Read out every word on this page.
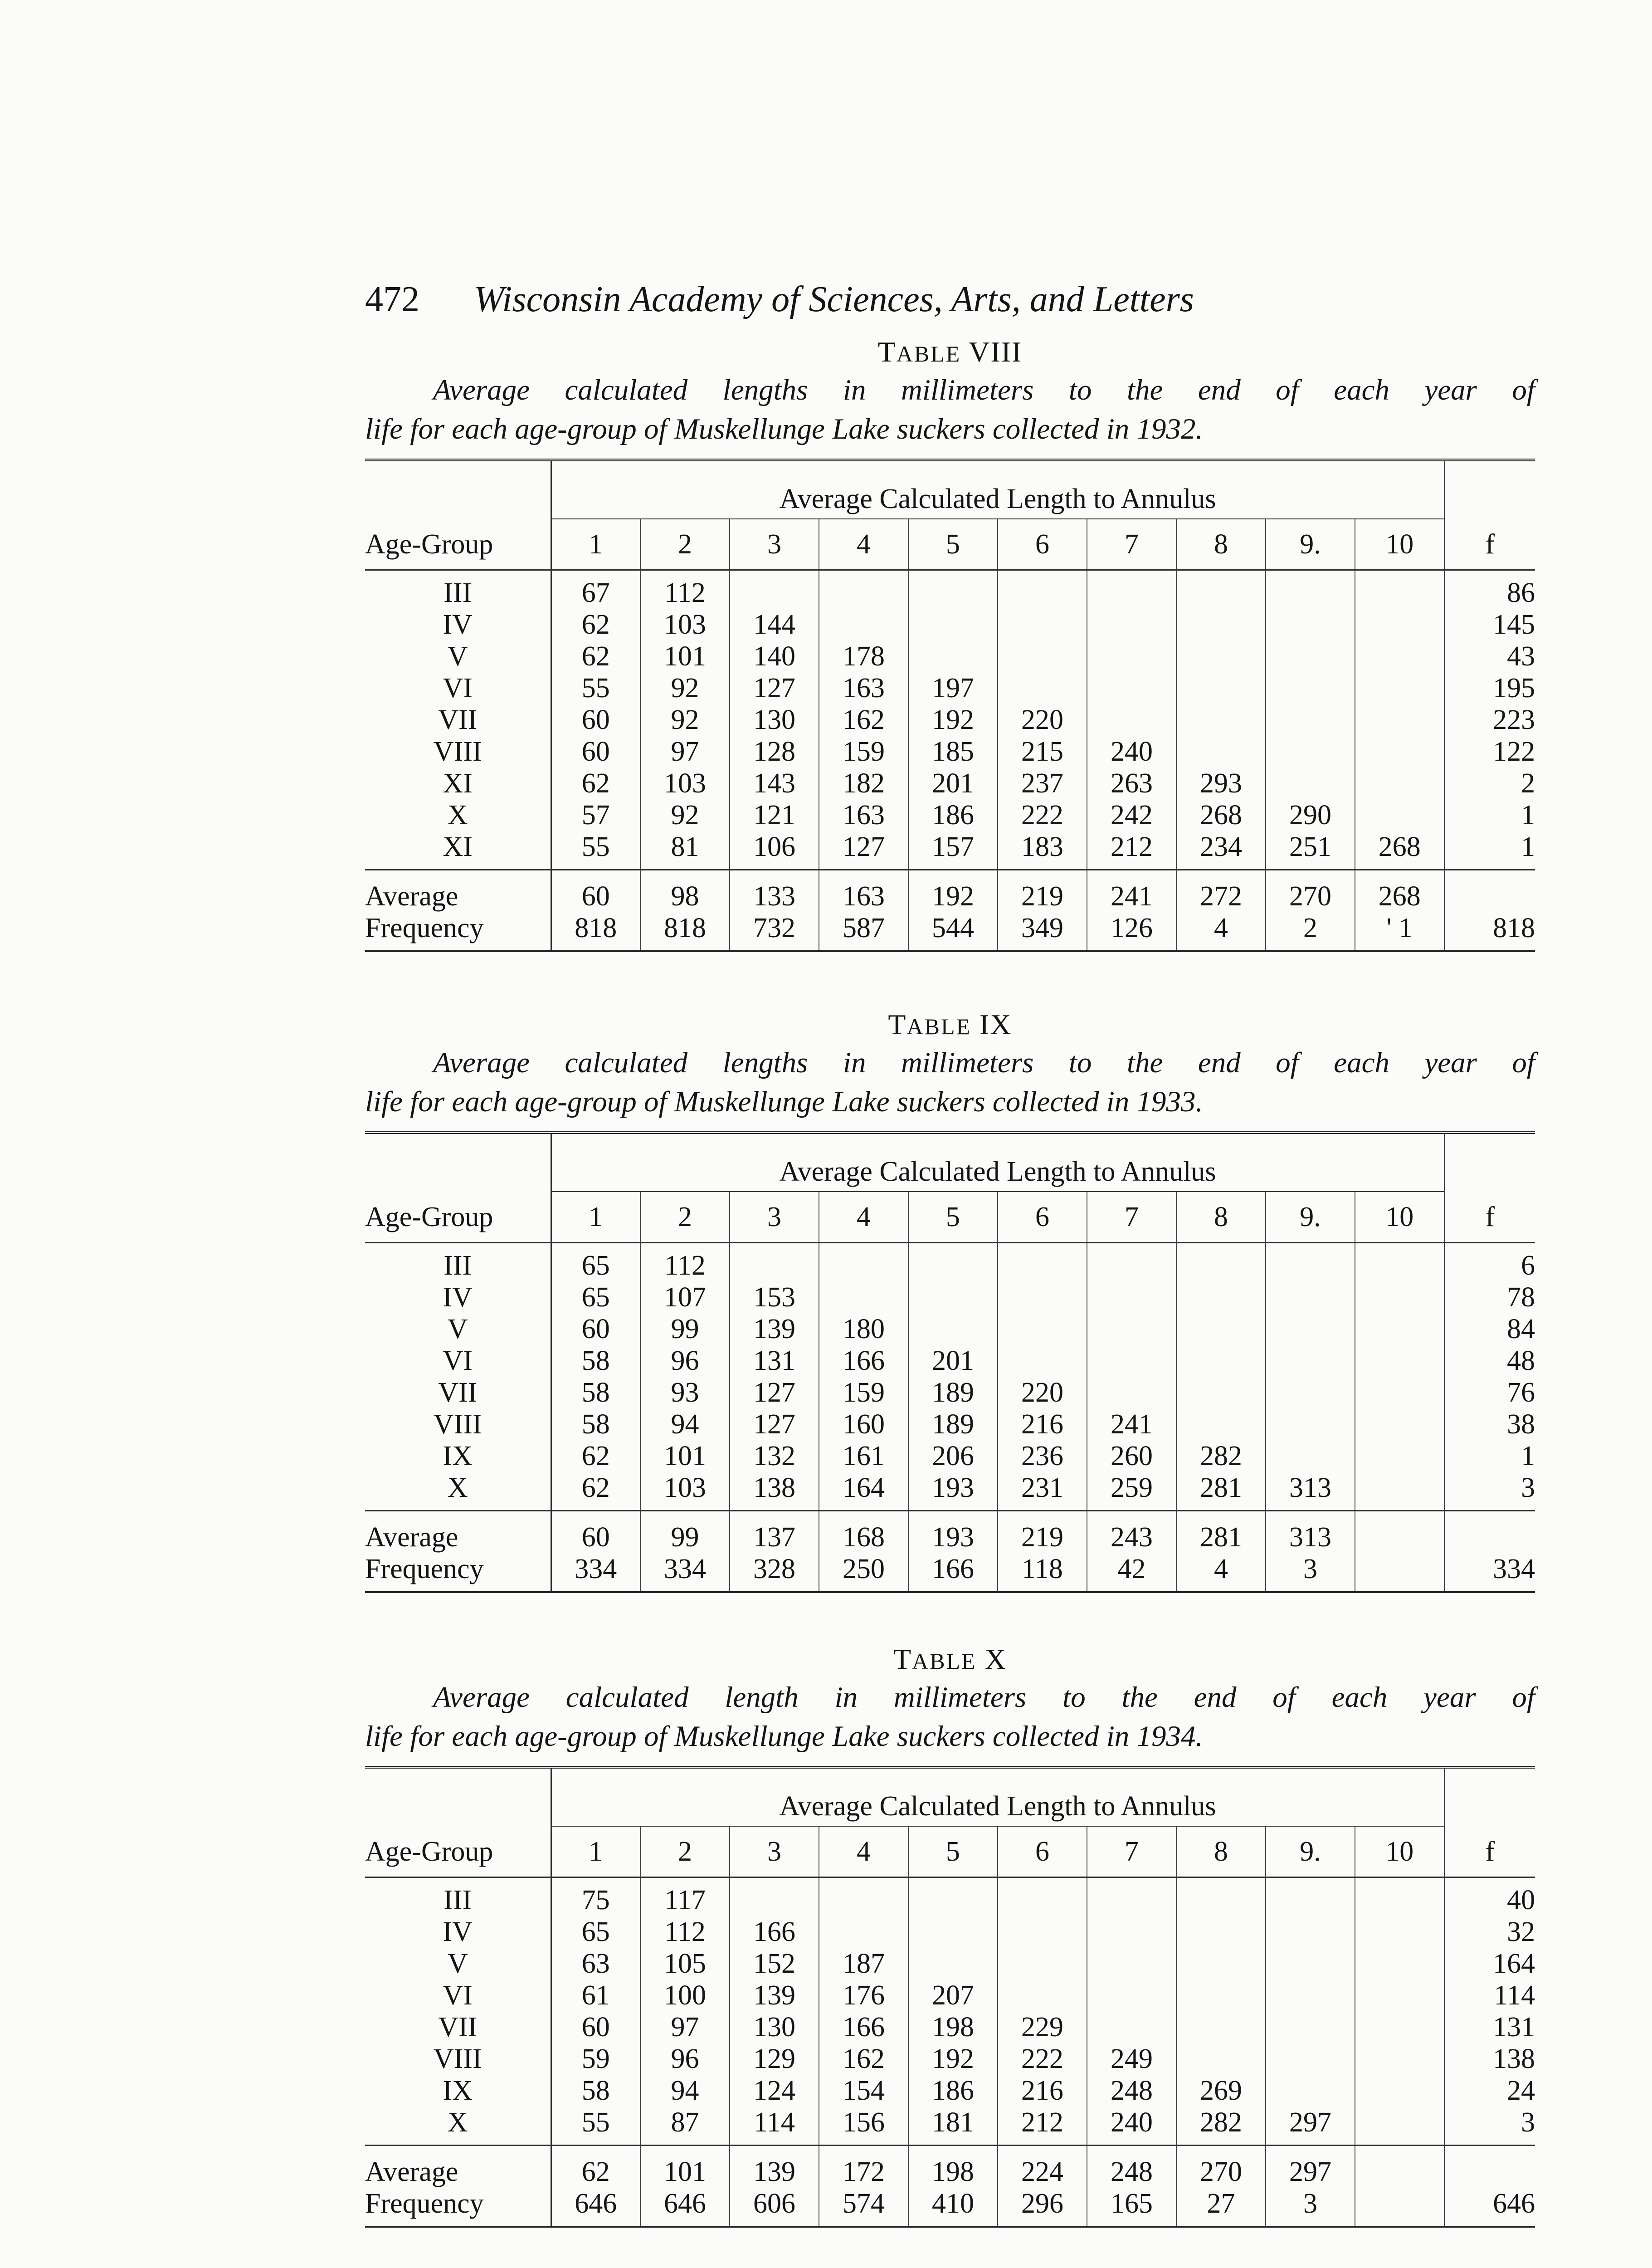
472 Wisconsin Academy of Sciences, Arts, and Letters
TABLE VIII
Average calculated lengths in millimeters to the end of each year of
life for each age-group of Muskellunge Lake suckers collected in 1932.
	Average Calculated Length to Annulus										
Age-Group	1	2	3	4	5	6	7	8	9.	10	f
III	67	112									86
IV	62	103	144								145
V	62	101	140	178							43
VI	55	92	127	163	197						195
VII	60	92	130	162	192	220					223
VIII	60	97	128	159	185	215	240				122
XI	62	103	143	182	201	237	263	293			2
X	57	92	121	163	186	222	242	268	290		1
XI	55	81	106	127	157	183	212	234	251	268	1
Average	60	98	133	163	192	219	241	272	270	268	
Frequency	818	818	732	587	544	349	126	4	2	' 1	818
TABLE IX
Average calculated lengths in millimeters to the end of each year of
life for each age-group of Muskellunge Lake suckers collected in 1933.
	Average Calculated Length to Annulus										
Age-Group	1	2	3	4	5	6	7	8	9.	10	f
III	65	112									6
IV	65	107	153								78
V	60	99	139	180							84
VI	58	96	131	166	201						48
VII	58	93	127	159	189	220					76
VIII	58	94	127	160	189	216	241				38
IX	62	101	132	161	206	236	260	282			1
X	62	103	138	164	193	231	259	281	313		3
Average	60	99	137	168	193	219	243	281	313		
Frequency	334	334	328	250	166	118	42	4	3		334
TABLE X
Average calculated length in millimeters to the end of each year of
life for each age-group of Muskellunge Lake suckers collected in 1934.
	Average Calculated Length to Annulus										
Age-Group	1	2	3	4	5	6	7	8	9.	10	f
III	75	117									40
IV	65	112	166								32
V	63	105	152	187							164
VI	61	100	139	176	207						114
VII	60	97	130	166	198	229					131
VIII	59	96	129	162	192	222	249				138
IX	58	94	124	154	186	216	248	269			24
X	55	87	114	156	181	212	240	282	297		3
Average	62	101	139	172	198	224	248	270	297		
Frequency	646	646	606	574	410	296	165	27	3		646
